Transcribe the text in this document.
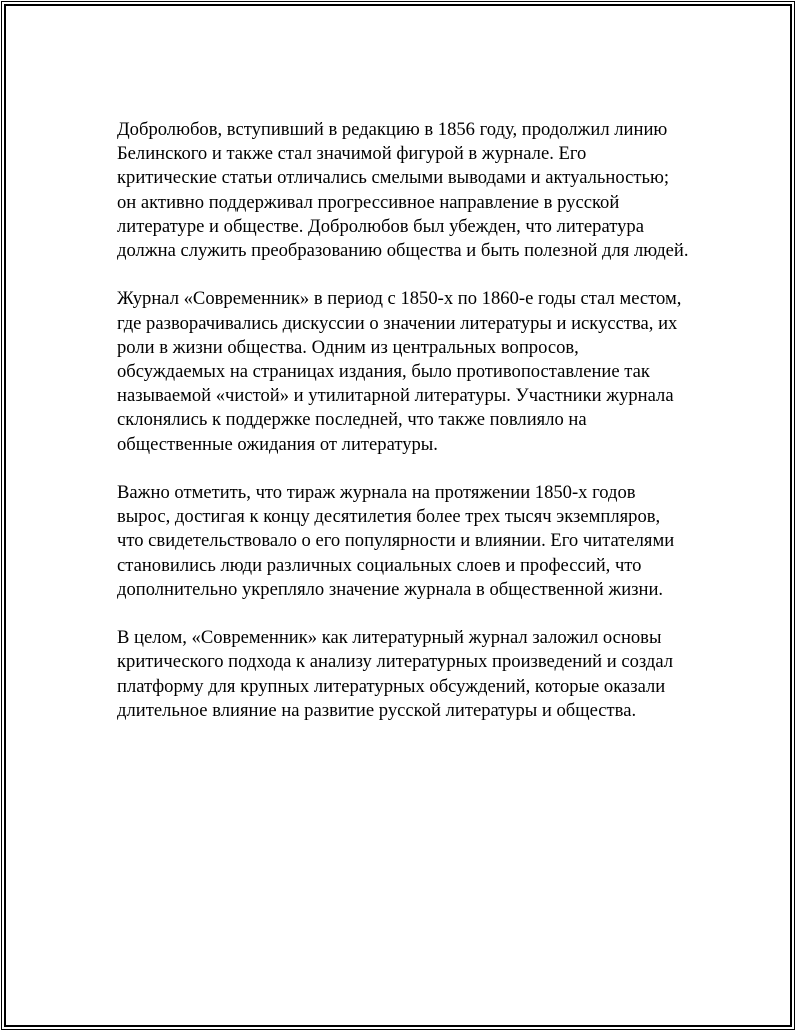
Добролюбов, вступивший в редакцию в 1856 году, продолжил линию
Белинского и также стал значимой фигурой в журнале. Его
критические статьи отличались смелыми выводами и актуальностью;
он активно поддерживал прогрессивное направление в русской
литературе и обществе. Добролюбов был убежден, что литература
должна служить преобразованию общества и быть полезной для людей.

Журнал «Современник» в период с 1850-х по 1860-е годы стал местом,
где разворачивались дискуссии о значении литературы и искусства, их
роли в жизни общества. Одним из центральных вопросов,
обсуждаемых на страницах издания, было противопоставление так
называемой «чистой» и утилитарной литературы. Участники журнала
склонялись к поддержке последней, что также повлияло на
общественные ожидания от литературы.

Важно отметить, что тираж журнала на протяжении 1850-х годов
вырос, достигая к концу десятилетия более трех тысяч экземпляров,
что свидетельствовало о его популярности и влиянии. Его читателями
становились люди различных социальных слоев и профессий, что
дополнительно укрепляло значение журнала в общественной жизни.

В целом, «Современник» как литературный журнал заложил основы
критического подхода к анализу литературных произведений и создал
платформу для крупных литературных обсуждений, которые оказали
длительное влияние на развитие русской литературы и общества.
